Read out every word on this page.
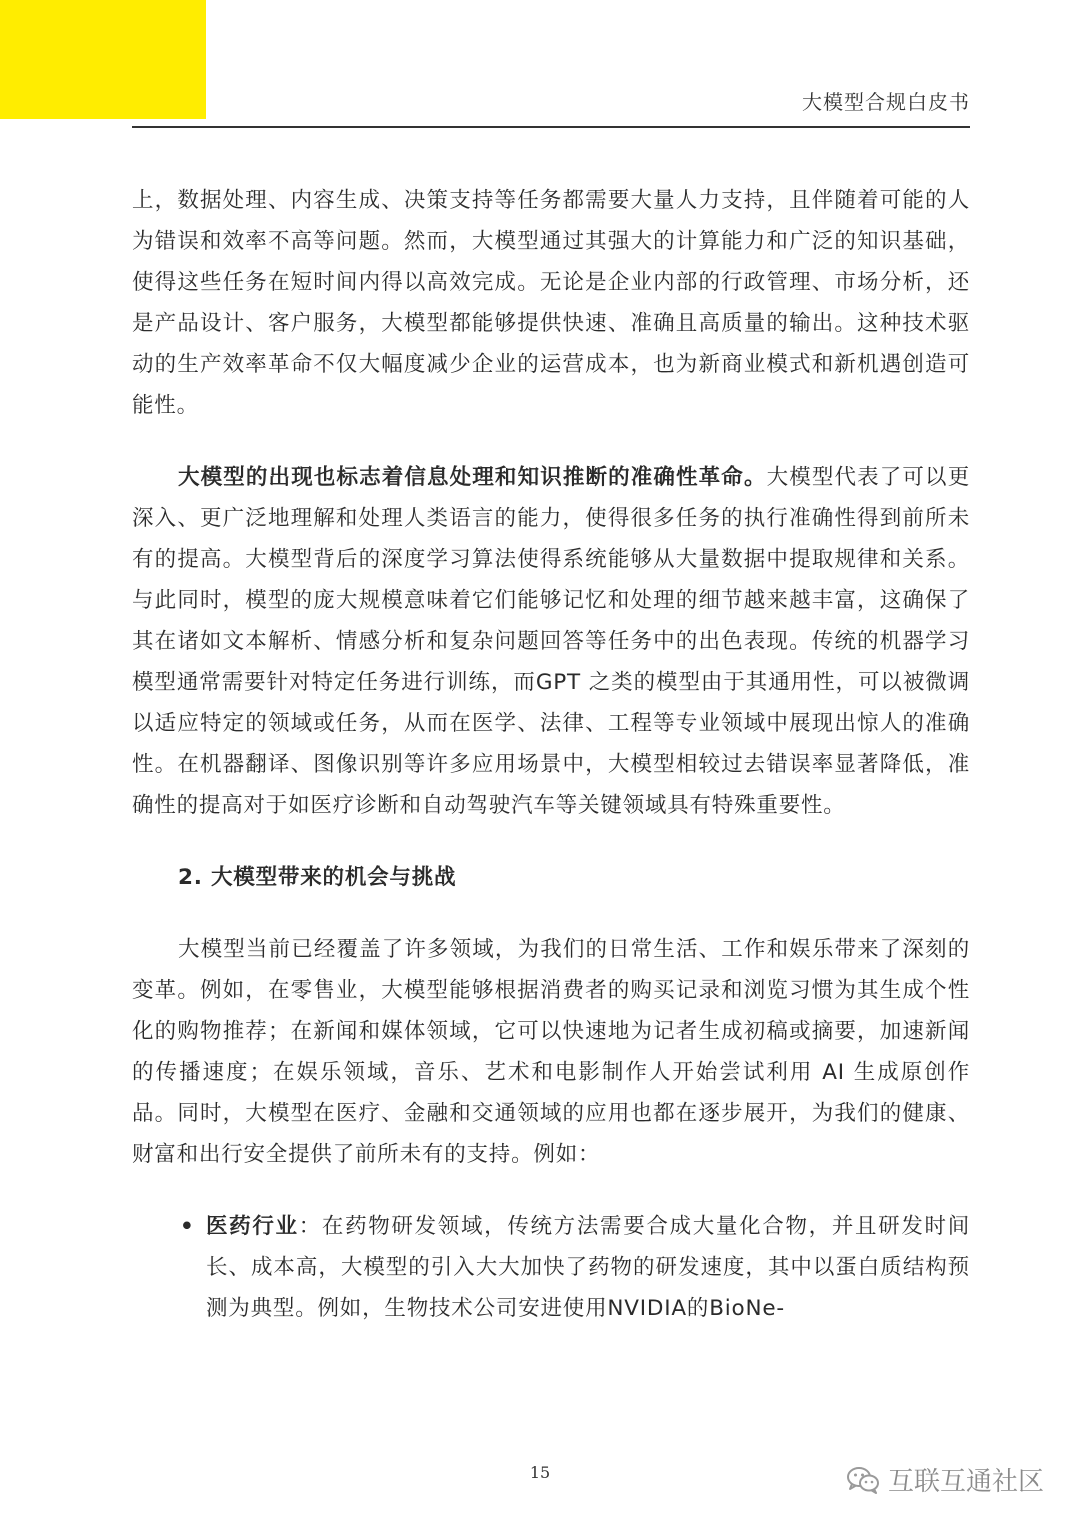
大模型合规白皮书

上，数据处理、内容生成、决策支持等任务都需要大量人力支持，且伴随着可能的人为错误和效率不高等问题。然而，大模型通过其强大的计算能力和广泛的知识基础，使得这些任务在短时间内得以高效完成。无论是企业内部的行政管理、市场分析，还是产品设计、客户服务，大模型都能够提供快速、准确且高质量的输出。这种技术驱动的生产效率革命不仅大幅度减少企业的运营成本，也为新商业模式和新机遇创造可能性。

大模型的出现也标志着信息处理和知识推断的准确性革命。大模型代表了可以更深入、更广泛地理解和处理人类语言的能力，使得很多任务的执行准确性得到前所未有的提高。大模型背后的深度学习算法使得系统能够从大量数据中提取规律和关系。与此同时，模型的庞大规模意味着它们能够记忆和处理的细节越来越丰富，这确保了其在诸如文本解析、情感分析和复杂问题回答等任务中的出色表现。传统的机器学习模型通常需要针对特定任务进行训练，而GPT 之类的模型由于其通用性，可以被微调以适应特定的领域或任务，从而在医学、法律、工程等专业领域中展现出惊人的准确性。在机器翻译、图像识别等许多应用场景中，大模型相较过去错误率显著降低，准确性的提高对于如医疗诊断和自动驾驶汽车等关键领域具有特殊重要性。

2. 大模型带来的机会与挑战

大模型当前已经覆盖了许多领域，为我们的日常生活、工作和娱乐带来了深刻的变革。例如，在零售业，大模型能够根据消费者的购买记录和浏览习惯为其生成个性化的购物推荐；在新闻和媒体领域，它可以快速地为记者生成初稿或摘要，加速新闻的传播速度；在娱乐领域，音乐、艺术和电影制作人开始尝试利用 AI 生成原创作品。同时，大模型在医疗、金融和交通领域的应用也都在逐步展开，为我们的健康、财富和出行安全提供了前所未有的支持。例如：

• 医药行业：在药物研发领域，传统方法需要合成大量化合物，并且研发时间长、成本高，大模型的引入大大加快了药物的研发速度，其中以蛋白质结构预测为典型。例如，生物技术公司安进使用NVIDIA的BioNe-

15	互联互通社区
